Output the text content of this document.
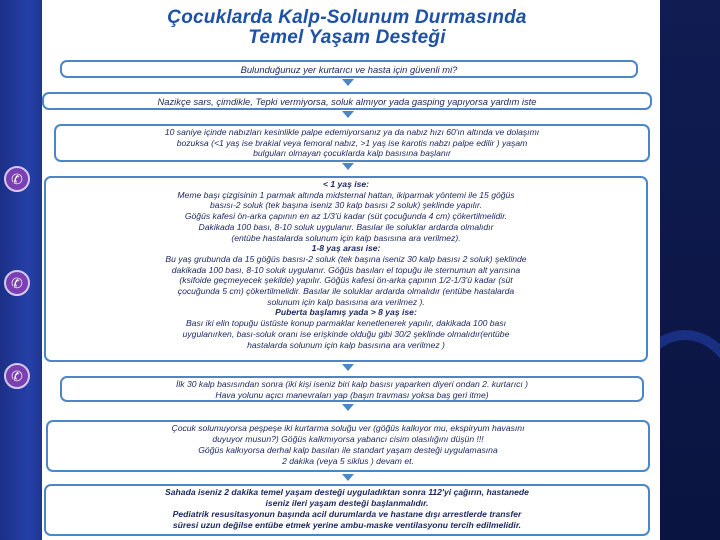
Çocuklarda Kalp-Solunum Durmasında
Temel Yaşam Desteği
Bulunduğunuz yer kurtarıcı ve hasta için güvenli mi?
Nazikçe sars, çimdikle, Tepki vermiyorsa, soluk almıyor yada gasping yapıyorsa yardım iste
10 saniye içinde nabızları kesinlikle palpe edemiyorsanız ya da nabız hızı 60'ın altında ve dolaşımı
bozuksa (<1 yaş ise brakial veya femoral nabız, >1 yaş ise karotis nabzı palpe edilir ) yaşam
bulguları olmayan çocuklarda kalp basısına başlanır
< 1 yaş ise:
Meme başı çizgisinin 1 parmak altında midsternal hattan, ikiparmak yöntemi ile 15 göğüs
basısı-2 soluk (tek başına iseniz 30 kalp basısı 2 soluk) şeklinde yapılır.
Göğüs kafesi ön-arka çapının en az 1/3'ü kadar (süt çocuğunda 4 cm) çökertilmelidir.
Dakikada 100 bası, 8-10 soluk uygulanır. Basılar ile soluklar ardarda olmalıdır
(entübe hastalarda solunum için kalp basısına ara verilmez).
1-8 yaş arası ise:
Bu yaş grubunda da 15 göğüs basısı-2 soluk (tek başına iseniz 30 kalp basısı 2 soluk) şeklinde
dakikada 100 bası, 8-10 soluk uygulanır. Göğüs basıları el topuğu ile sternumun alt yarısına
(ksifoide geçmeyecek şekilde) yapılır. Göğüs kafesi ön-arka çapının 1/2-1/3'ü kadar (süt
çocuğunda 5 cm) çökertilmelidir. Basılar ile soluklar ardarda olmalıdır (entübe hastalarda
solunum için kalp basısına ara verilmez ).
Puberta başlamış yada > 8 yaş ise:
Bası iki elin topuğu üstüste konup parmaklar kenetlenerek yapılır, dakikada 100 bası
uygulanırken, bası-soluk oranı ise erişkinde olduğu gibi 30/2 şeklinde olmalıdır(entübe
hastalarda solunum için kalp basısına ara verilmez )
İlk 30 kalp basısından sonra (iki kişi iseniz biri kalp basısı yaparken diyeri ondan 2. kurtarıcı )
Hava yolunu açıcı manevraları yap (başın travması yoksa baş geri itme)
Çocuk solumuyorsa peşpeşe iki kurtarma soluğu ver (göğüs kalkıyor mu, ekspiryum havasını
duyuyor musun?) Göğüs kalkmıyorsa yabancı cisim olasılığını düşün !!!
Göğüs kalkıyorsa derhal kalp basıları ile standart yaşam desteği uygulamasına
2 dakika (veya 5 siklus ) devam et.
Sahada iseniz 2 dakika temel yaşam desteği uyguladıktan sonra 112'yi çağırın, hastanede
iseniz ileri yaşam desteği başlanmalıdır.
Pediatrik resusitasyonun başında acil durumlarda ve hastane dışı arrestlerde transfer
süresi uzun değilse entübe etmek yerine ambu-maske ventilasyonu tercih edilmelidir.
✆
✆
✆
